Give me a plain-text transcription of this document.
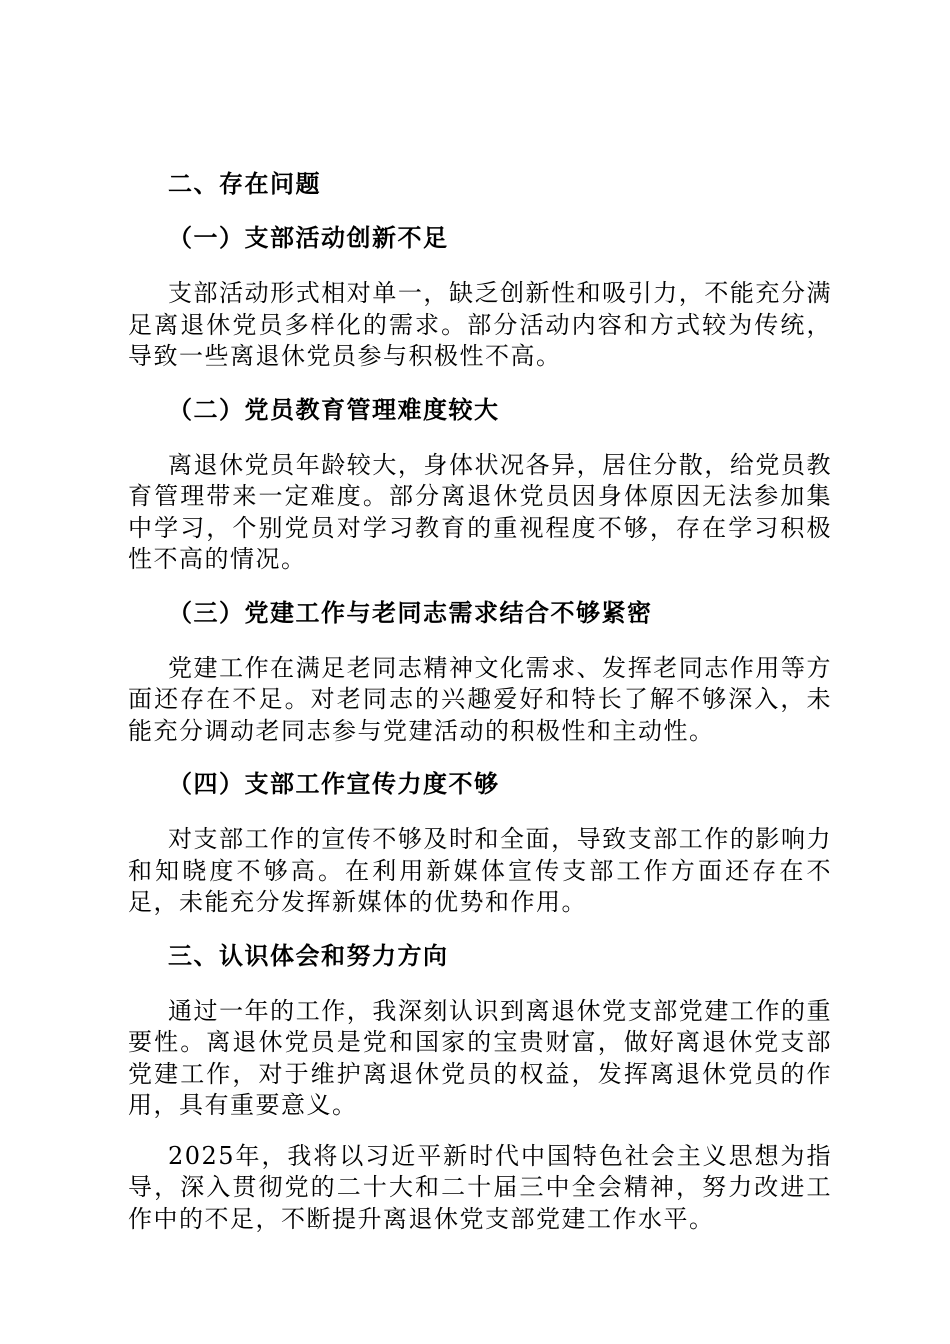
二、存在问题

（一）支部活动创新不足

支部活动形式相对单一，缺乏创新性和吸引力，不能充分满足离退休党员多样化的需求。部分活动内容和方式较为传统，导致一些离退休党员参与积极性不高。

（二）党员教育管理难度较大

离退休党员年龄较大，身体状况各异，居住分散，给党员教育管理带来一定难度。部分离退休党员因身体原因无法参加集中学习，个别党员对学习教育的重视程度不够，存在学习积极性不高的情况。

（三）党建工作与老同志需求结合不够紧密

党建工作在满足老同志精神文化需求、发挥老同志作用等方面还存在不足。对老同志的兴趣爱好和特长了解不够深入，未能充分调动老同志参与党建活动的积极性和主动性。

（四）支部工作宣传力度不够

对支部工作的宣传不够及时和全面，导致支部工作的影响力和知晓度不够高。在利用新媒体宣传支部工作方面还存在不足，未能充分发挥新媒体的优势和作用。

三、认识体会和努力方向

通过一年的工作，我深刻认识到离退休党支部党建工作的重要性。离退休党员是党和国家的宝贵财富，做好离退休党支部党建工作，对于维护离退休党员的权益，发挥离退休党员的作用，具有重要意义。

2025年，我将以习近平新时代中国特色社会主义思想为指导，深入贯彻党的二十大和二十届三中全会精神，努力改进工作中的不足，不断提升离退休党支部党建工作水平。
